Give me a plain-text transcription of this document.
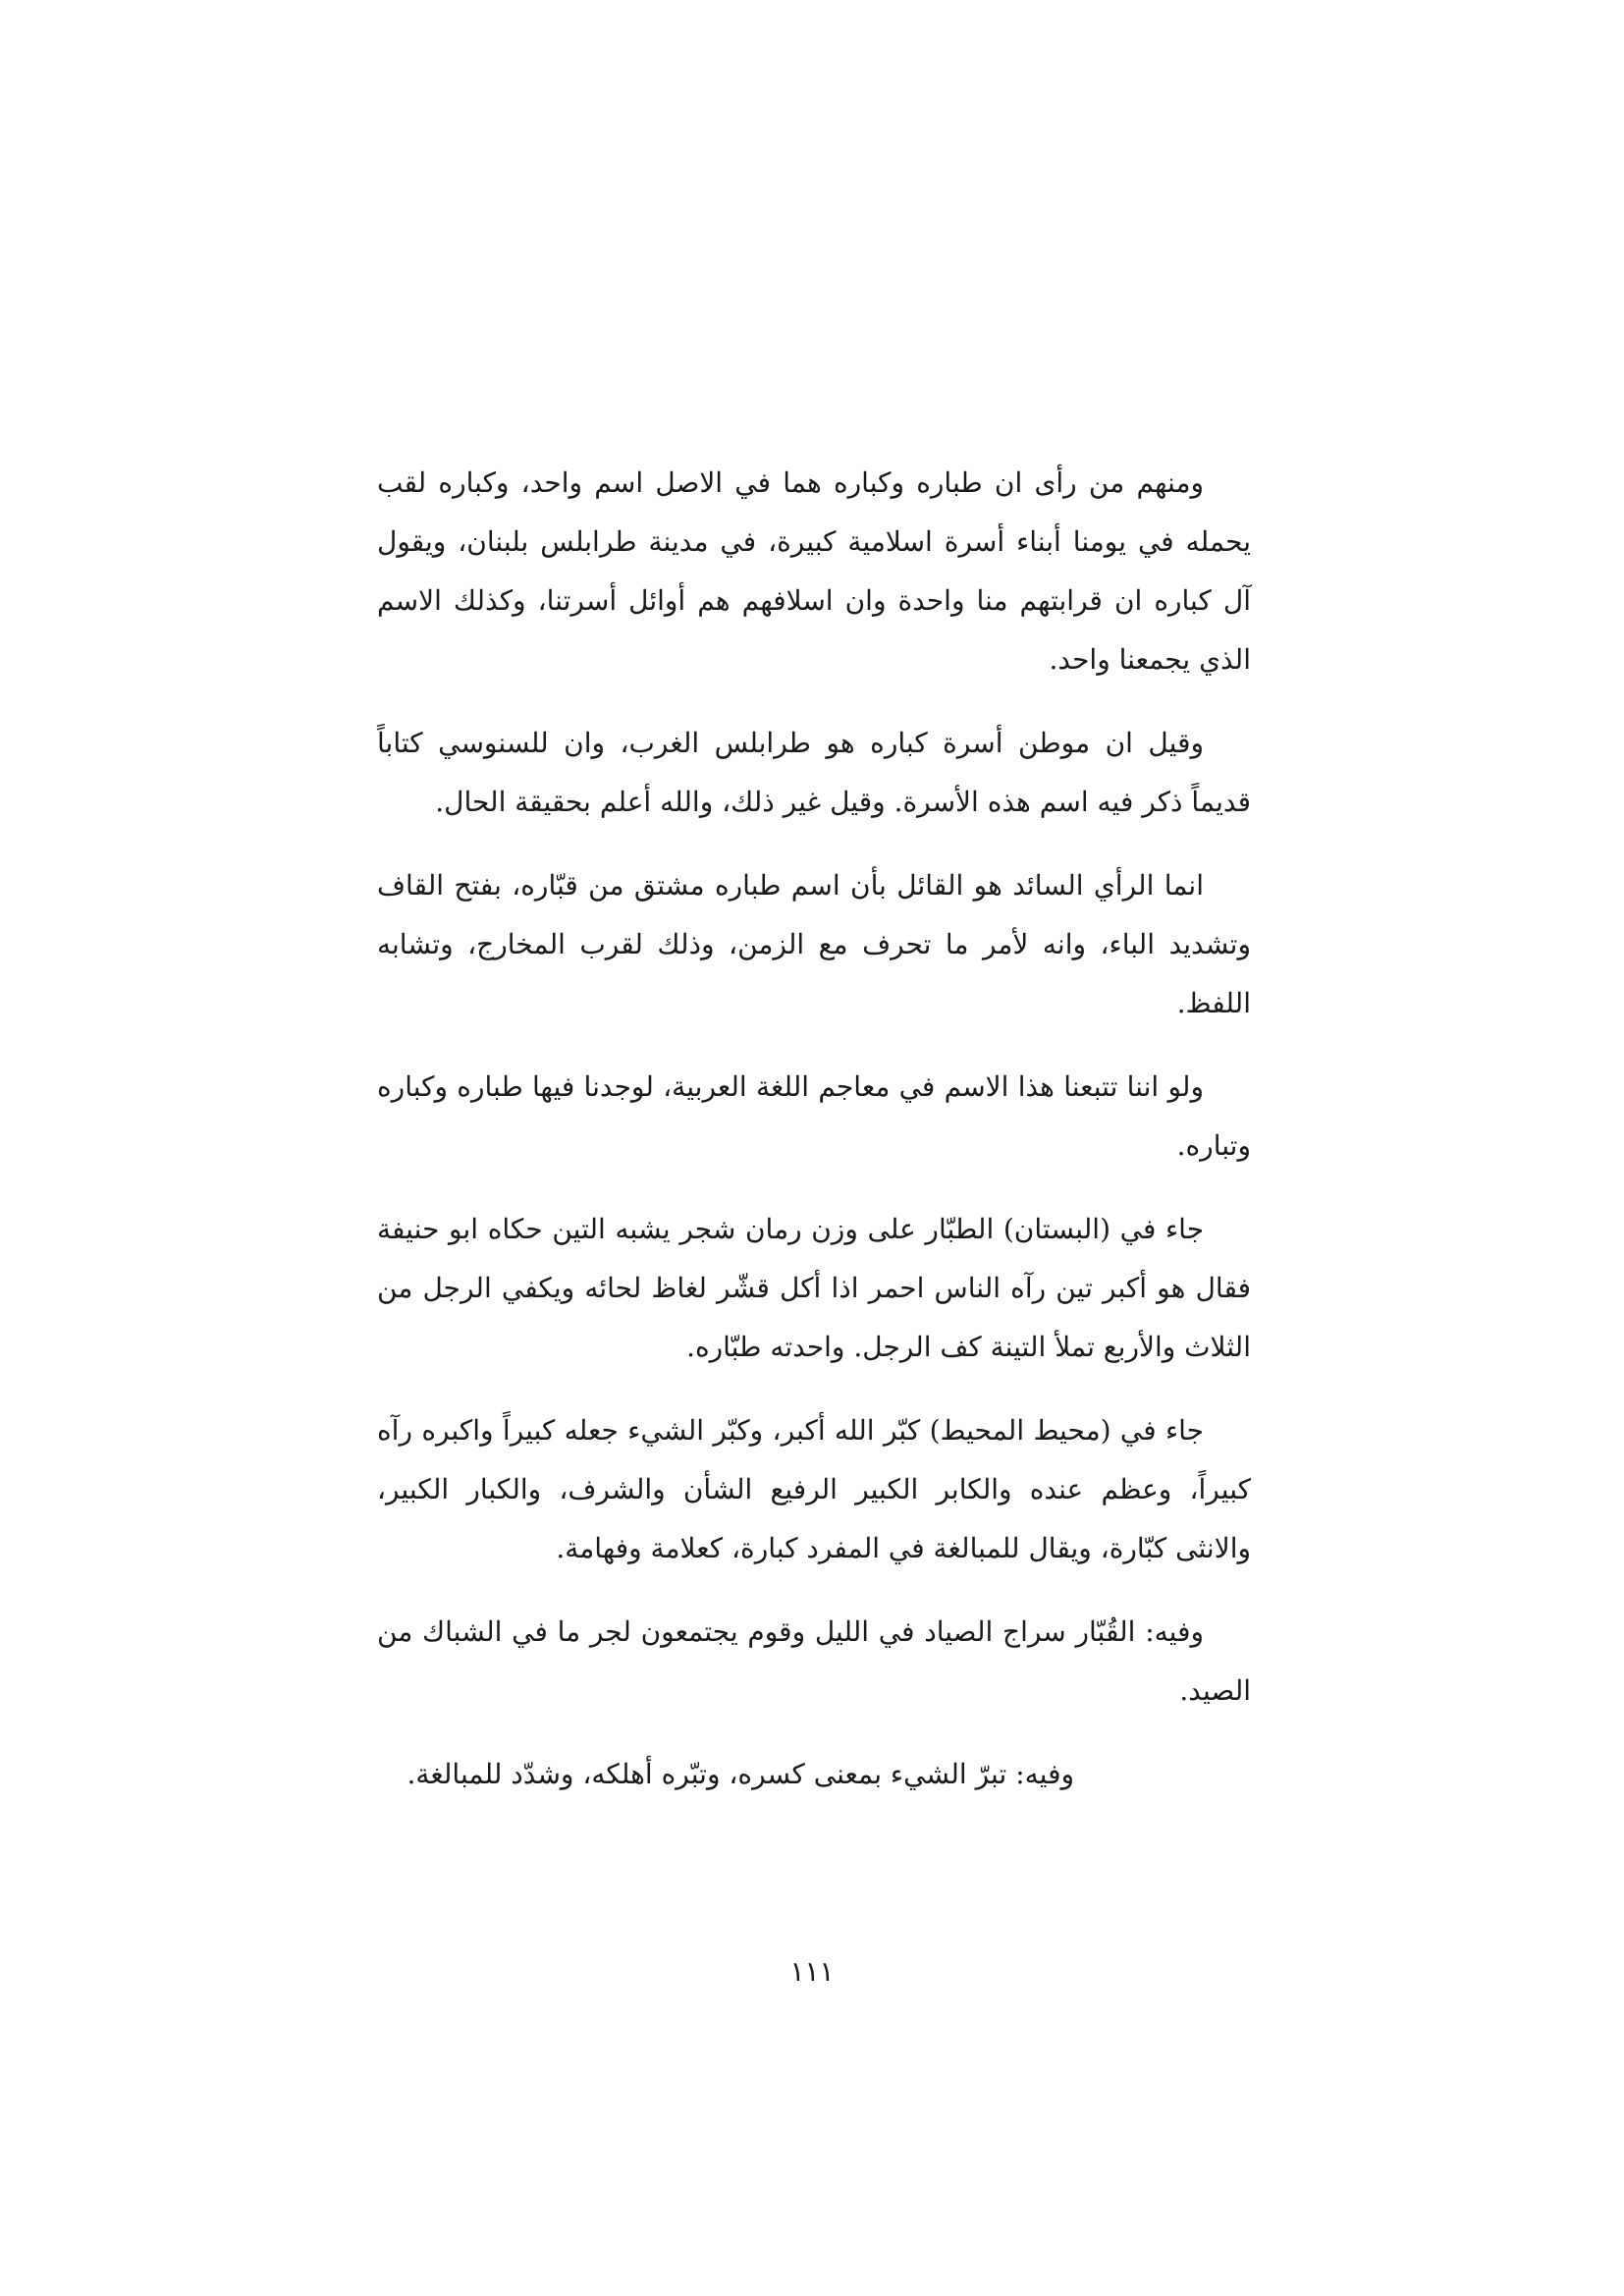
ومنهم من رأى ان طباره وكباره هما في الاصل اسم واحد، وكباره لقب يحمله في يومنا أبناء أسرة اسلامية كبيرة، في مدينة طرابلس بلبنان، ويقول آل كباره ان قرابتهم منا واحدة وان اسلافهم هم أوائل أسرتنا، وكذلك الاسم الذي يجمعنا واحد.

وقيل ان موطن أسرة كباره هو طرابلس الغرب، وان للسنوسي كتاباً قديماً ذكر فيه اسم هذه الأسرة. وقيل غير ذلك، والله أعلم بحقيقة الحال.

انما الرأي السائد هو القائل بأن اسم طباره مشتق من قبّاره، بفتح القاف وتشديد الباء، وانه لأمر ما تحرف مع الزمن، وذلك لقرب المخارج، وتشابه اللفظ.

ولو اننا تتبعنا هذا الاسم في معاجم اللغة العربية، لوجدنا فيها طباره وكباره وتباره.

جاء في (البستان) الطبّار على وزن رمان شجر يشبه التين حكاه ابو حنيفة فقال هو أكبر تين رآه الناس احمر اذا أكل قشّر لغاظ لحائه ويكفي الرجل من الثلاث والأربع تملأ التينة كف الرجل. واحدته طبّاره.

جاء في (محيط المحيط) كبّر الله أكبر، وكبّر الشيء جعله كبيراً واكبره رآه كبيراً، وعظم عنده والكابر الكبير الرفيع الشأن والشرف، والكبار الكبير، والانثى كبّارة، ويقال للمبالغة في المفرد كبارة، كعلامة وفهامة.

وفيه: القُبّار سراج الصياد في الليل وقوم يجتمعون لجر ما في الشباك من الصيد.

وفيه: تبرّ الشيء بمعنى كسره، وتبّره أهلكه، وشدّد للمبالغة.

١١١
